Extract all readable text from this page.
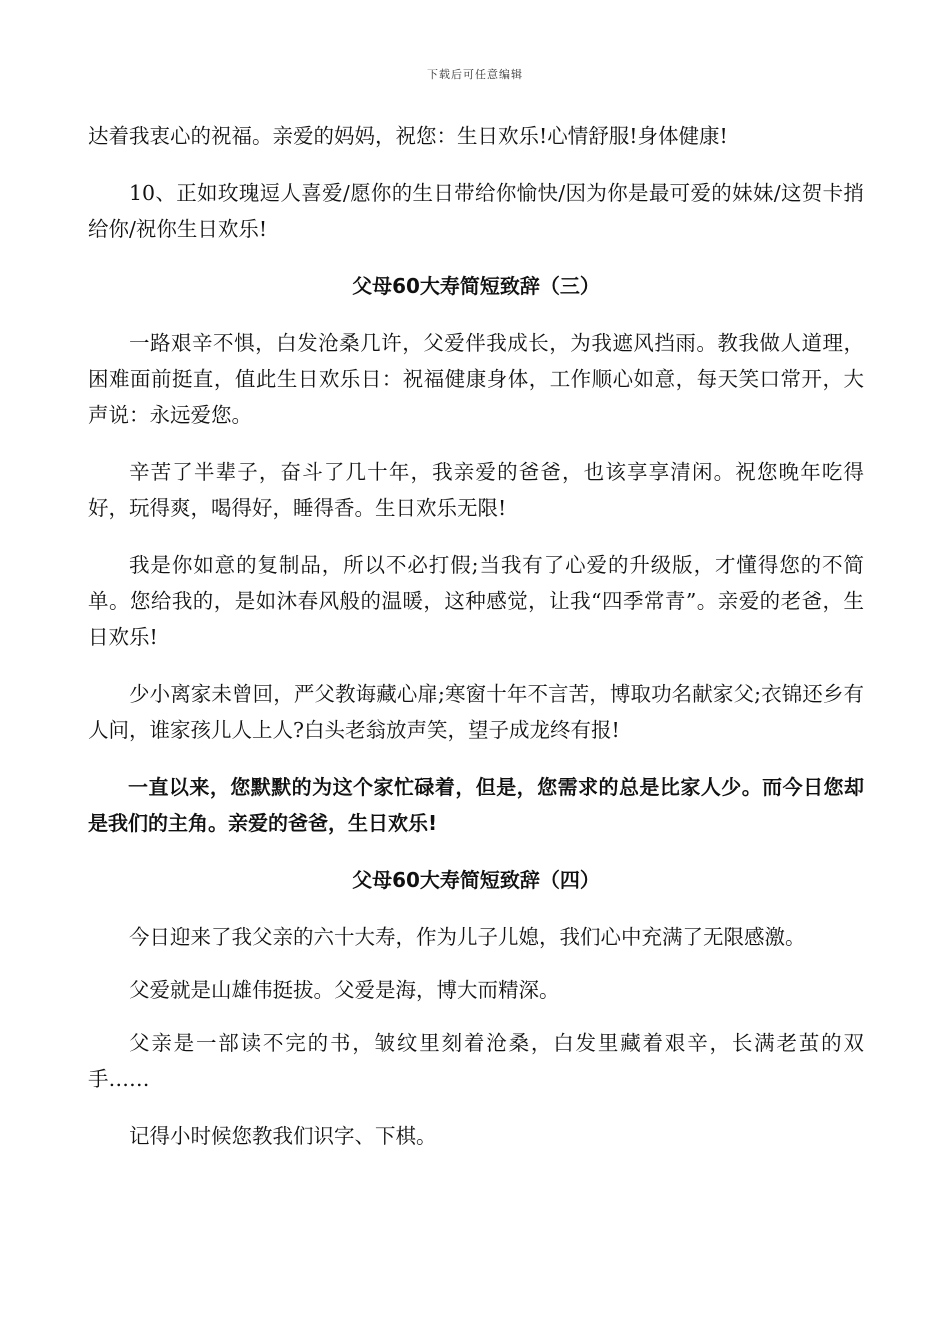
下载后可任意编辑

达着我衷心的祝福。亲爱的妈妈，祝您：生日欢乐!心情舒服!身体健康!

10、正如玫瑰逗人喜爱/愿你的生日带给你愉快/因为你是最可爱的妹妹/这贺卡捎给你/祝你生日欢乐!

父母60大寿简短致辞（三）

一路艰辛不惧，白发沧桑几许，父爱伴我成长，为我遮风挡雨。教我做人道理，困难面前挺直，值此生日欢乐日：祝福健康身体，工作顺心如意，每天笑口常开，大声说：永远爱您。

辛苦了半辈子，奋斗了几十年，我亲爱的爸爸，也该享享清闲。祝您晚年吃得好，玩得爽，喝得好，睡得香。生日欢乐无限!

我是你如意的复制品，所以不必打假;当我有了心爱的升级版，才懂得您的不简单。您给我的，是如沐春风般的温暖，这种感觉，让我“四季常青”。亲爱的老爸，生日欢乐!

少小离家未曾回，严父教诲藏心扉;寒窗十年不言苦，博取功名献家父;衣锦还乡有人问，谁家孩儿人上人?白头老翁放声笑，望子成龙终有报!

一直以来，您默默的为这个家忙碌着，但是，您需求的总是比家人少。而今日您却是我们的主角。亲爱的爸爸，生日欢乐!

父母60大寿简短致辞（四）

今日迎来了我父亲的六十大寿，作为儿子儿媳，我们心中充满了无限感激。

父爱就是山雄伟挺拔。父爱是海，博大而精深。

父亲是一部读不完的书，皱纹里刻着沧桑，白发里藏着艰辛，长满老茧的双手……

记得小时候您教我们识字、下棋。
